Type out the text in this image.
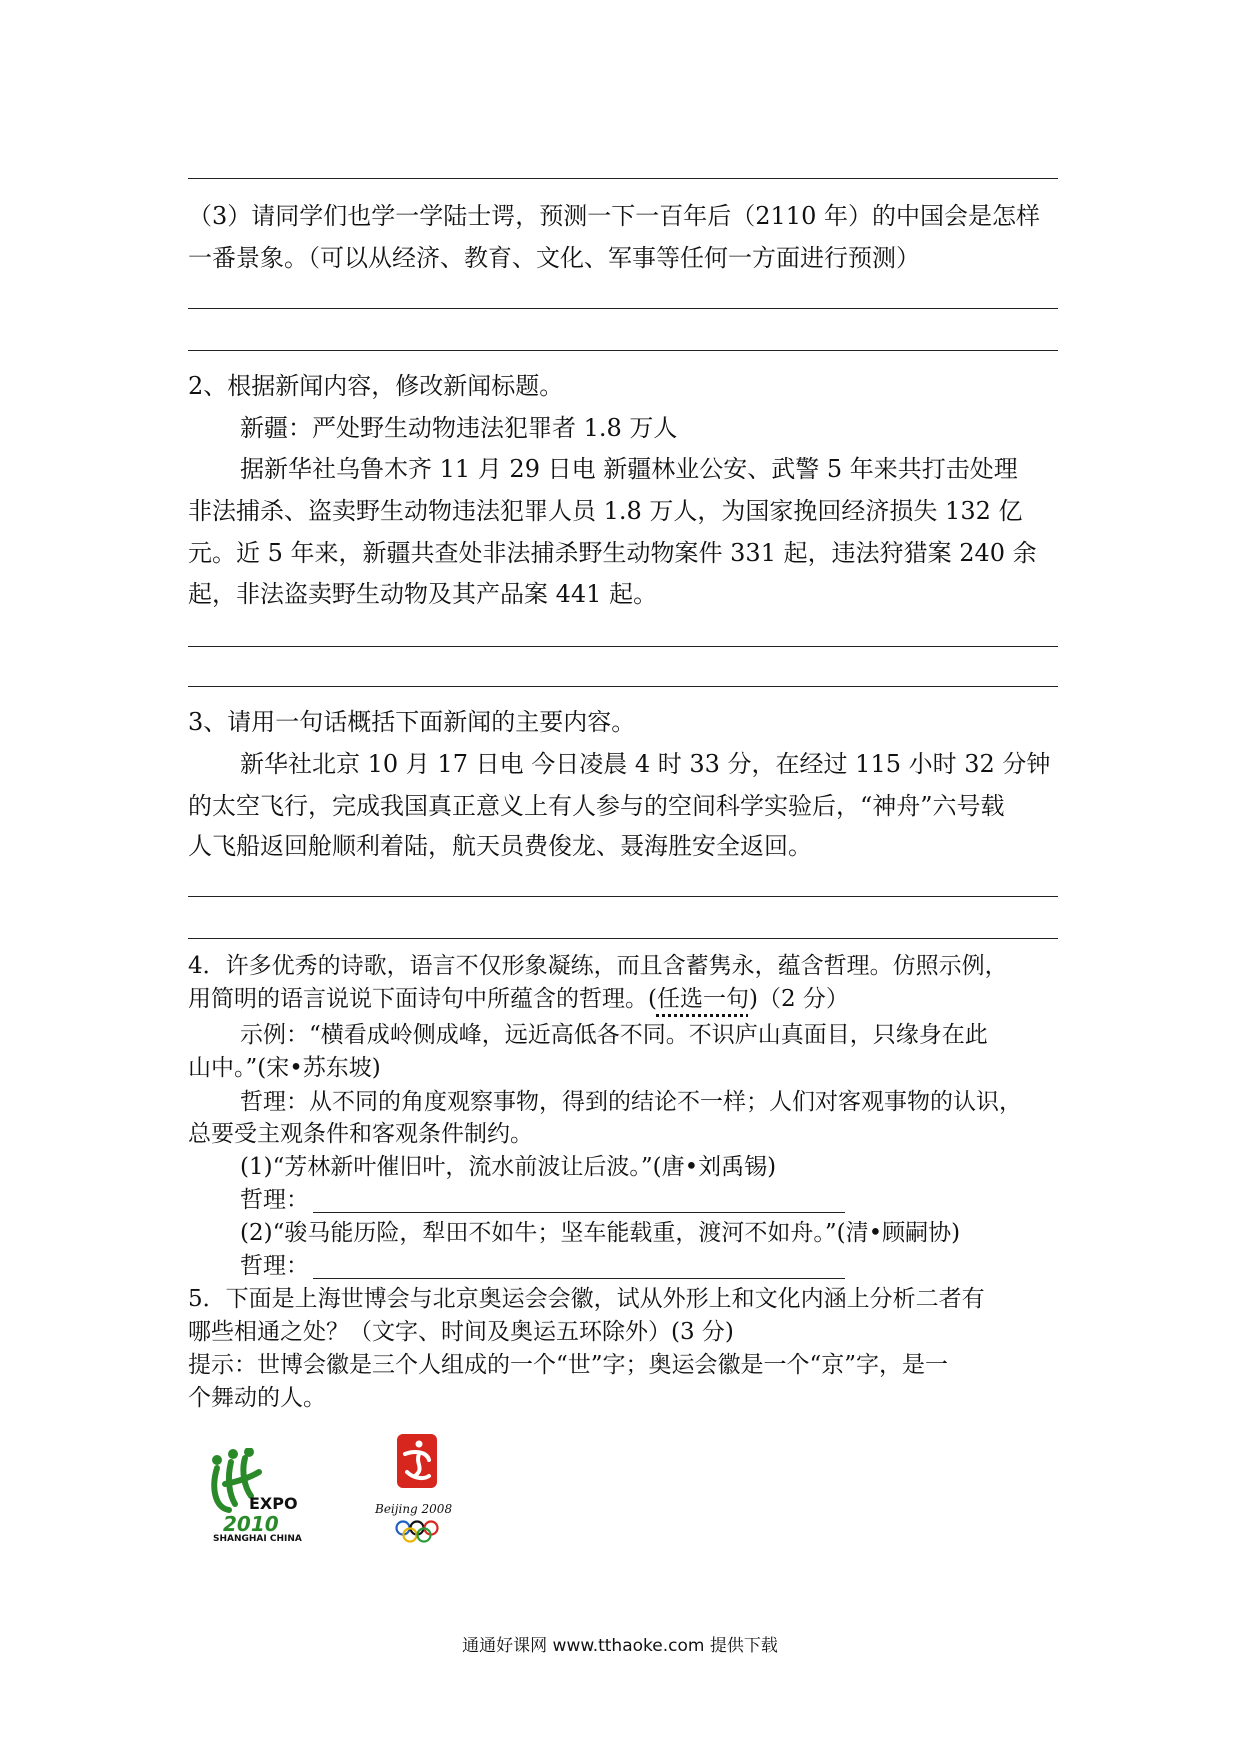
（3）请同学们也学一学陆士谔，预测一下一百年后（2110 年）的中国会是怎样
一番景象。（可以从经济、教育、文化、军事等任何一方面进行预测）
2、根据新闻内容，修改新闻标题。
新疆：严处野生动物违法犯罪者 1.8 万人
据新华社乌鲁木齐 11 月 29 日电 新疆林业公安、武警 5 年来共打击处理
非法捕杀、盗卖野生动物违法犯罪人员 1.8 万人，为国家挽回经济损失 132 亿
元。近 5 年来，新疆共查处非法捕杀野生动物案件 331 起，违法狩猎案 240 余
起，非法盗卖野生动物及其产品案 441 起。
3、请用一句话概括下面新闻的主要内容。
新华社北京 10 月 17 日电 今日凌晨 4 时 33 分，在经过 115 小时 32 分钟
的太空飞行，完成我国真正意义上有人参与的空间科学实验后，“神舟”六号载
人飞船返回舱顺利着陆，航天员费俊龙、聂海胜安全返回。
4．许多优秀的诗歌，语言不仅形象凝练，而且含蓄隽永，蕴含哲理。仿照示例，
用简明的语言说说下面诗句中所蕴含的哲理。(任选一句)（2 分）
示例：“横看成岭侧成峰，远近高低各不同。不识庐山真面目，只缘身在此
山中。”(宋•苏东坡)
哲理：从不同的角度观察事物，得到的结论不一样；人们对客观事物的认识，
总要受主观条件和客观条件制约。
(1)“芳林新叶催旧叶，流水前波让后波。”(唐•刘禹锡)
哲理：
(2)“骏马能历险，犁田不如牛；坚车能载重，渡河不如舟。”(清•顾嗣协)
哲理：
5．下面是上海世博会与北京奥运会会徽，试从外形上和文化内涵上分析二者有
哪些相通之处？（文字、时间及奥运五环除外）(3 分)
提示：世博会徽是三个人组成的一个“世”字；奥运会徽是一个“京”字，是一
个舞动的人。
EXPO
2010
SHANGHAI CHINA
Beijing 2008
通通好课网 www.tthaoke.com 提供下载
